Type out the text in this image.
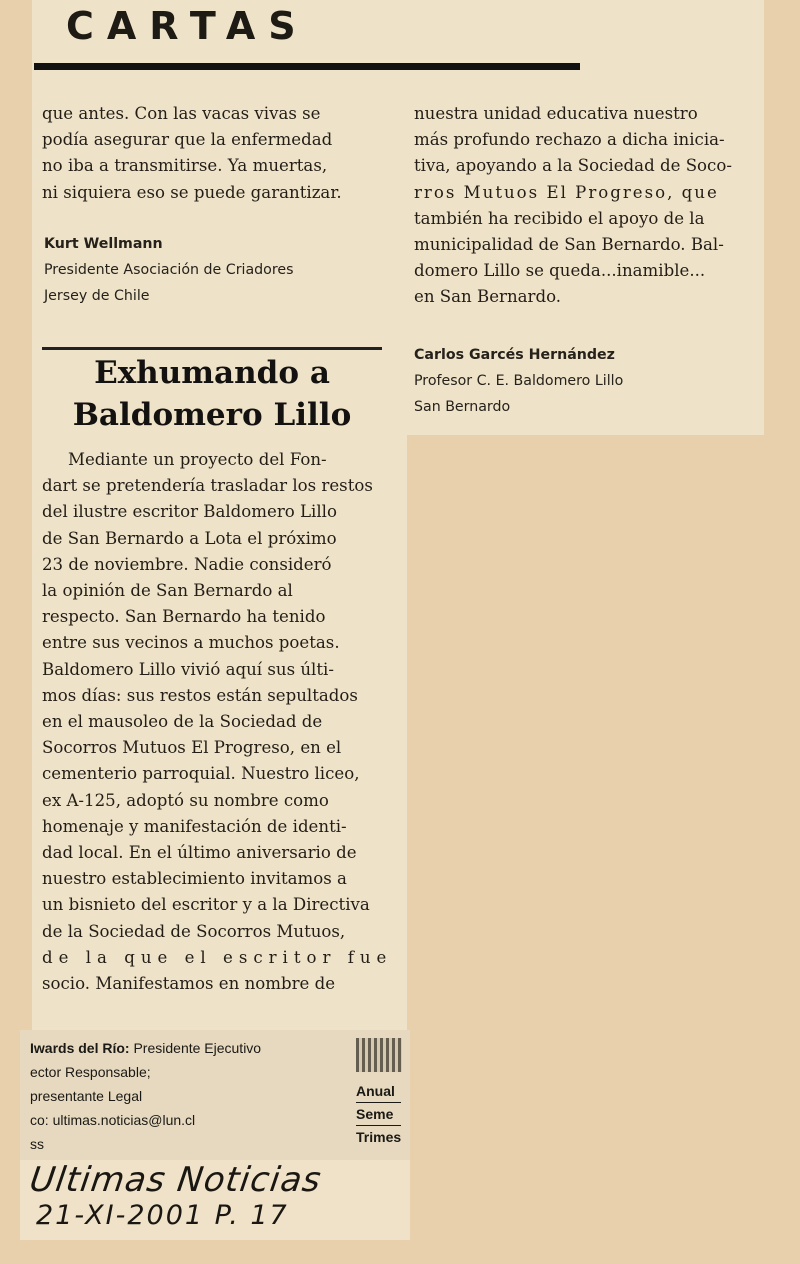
CARTAS
que antes. Con las vacas vivas se
podía asegurar que la enfermedad
no iba a transmitirse. Ya muertas,
ni siquiera eso se puede garantizar.
Kurt Wellmann
Presidente Asociación de Criadores
Jersey de Chile
Exhumando a
Baldomero Lillo
Mediante un proyecto del Fon-
dart se pretendería trasladar los restos
del ilustre escritor Baldomero Lillo
de San Bernardo a Lota el próximo
23 de noviembre. Nadie consideró
la opinión de San Bernardo al
respecto. San Bernardo ha tenido
entre sus vecinos a muchos poetas.
Baldomero Lillo vivió aquí sus últi-
mos días: sus restos están sepultados
en el mausoleo de la Sociedad de
Socorros Mutuos El Progreso, en el
cementerio parroquial. Nuestro liceo,
ex A-125, adoptó su nombre como
homenaje y manifestación de identi-
dad local. En el último aniversario de
nuestro establecimiento invitamos a
un bisnieto del escritor y a la Directiva
de la Sociedad de Socorros Mutuos,
de la que el escritor fue
socio. Manifestamos en nombre de
nuestra unidad educativa nuestro
más profundo rechazo a dicha inicia-
tiva, apoyando a la Sociedad de Soco-
rros Mutuos El Progreso, que
también ha recibido el apoyo de la
municipalidad de San Bernardo. Bal-
domero Lillo se queda...inamible...
en San Bernardo.
Carlos Garcés Hernández
Profesor C. E. Baldomero Lillo
San Bernardo
Iwards del Río: Presidente Ejecutivo
ector Responsable;
presentante Legal
co: ultimas.noticias@lun.cl
ss
Anual
Seme
Trimes
Ultimas Noticias
21-XI-2001 P. 17
